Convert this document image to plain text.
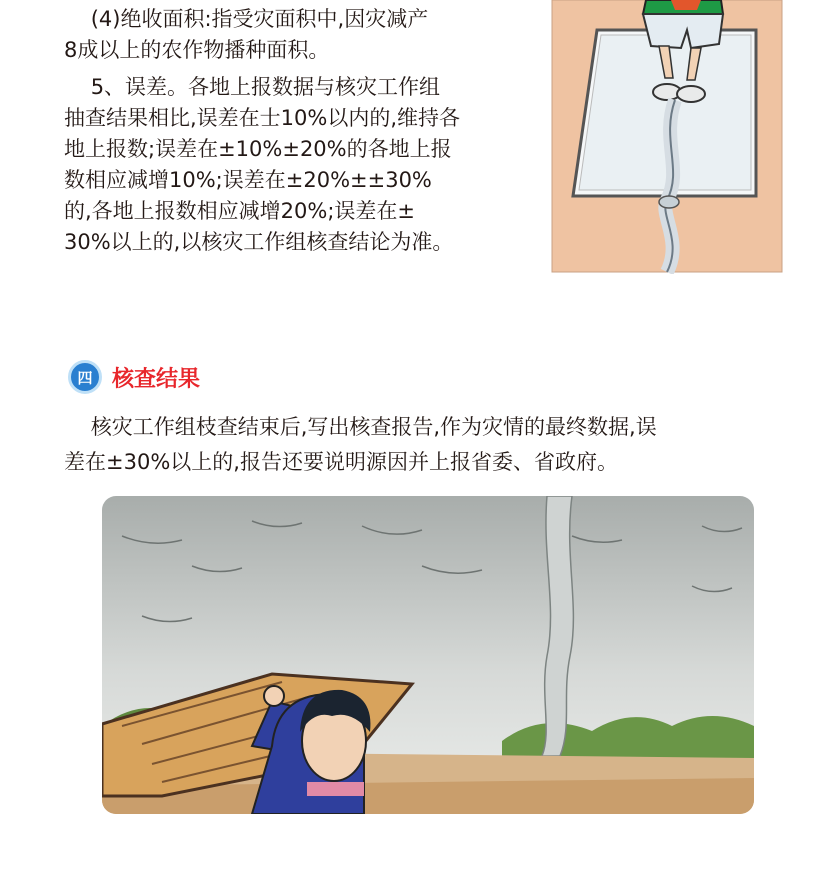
(4)绝收面积:指受灾面积中,因灾减产
8成以上的农作物播种面积。
5、误差。各地上报数据与核灾工作组
抽查结果相比,误差在士10%以内的,维持各
地上报数;误差在±10%±20%的各地上报
数相应减增10%;误差在±20%±±30%
的,各地上报数相应减增20%;误差在±
30%以上的,以核灾工作组核查结论为准。
四 核查结果
核灾工作组枝查结束后,写出核查报告,作为灾情的最终数据,误
差在±30%以上的,报告还要说明源因并上报省委、省政府。
